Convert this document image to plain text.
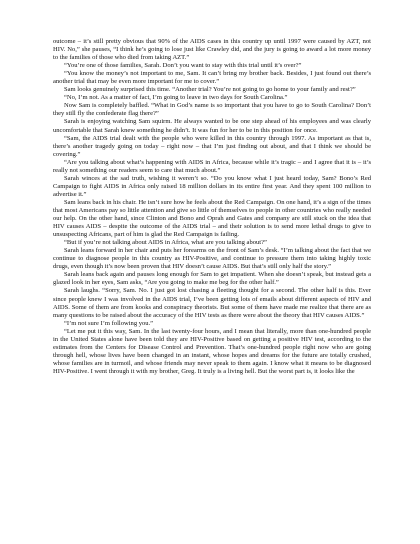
outcome – it’s still pretty obvious that 90% of the AIDS cases in this country up until 1997 were caused by AZT, not HIV. No,” she pauses, “I think he’s going to lose just like Crawley did, and the jury is going to award a lot more money to the families of those who died from taking AZT.”

“You’re one of those families, Sarah. Don’t you want to stay with this trial until it’s over?”

“You know the money’s not important to me, Sam. It can’t bring my brother back. Besides, I just found out there’s another trial that may be even more important for me to cover.”

Sam looks genuinely surprised this time. “Another trial? You’re not going to go home to your family and rest?”

“No, I’m not. As a matter of fact, I’m going to leave in two days for South Carolina.”

Now Sam is completely baffled. “What in God’s name is so important that you have to go to South Carolina? Don’t they still fly the confederate flag there?”

Sarah is enjoying watching Sam squirm. He always wanted to be one step ahead of his employees and was clearly uncomfortable that Sarah knew something he didn’t. It was fun for her to be in this position for once.

“Sam, the AIDS trial dealt with the people who were killed in this country through 1997. As important as that is, there’s another tragedy going on today – right now – that I’m just finding out about, and that I think we should be covering.”

“Are you talking about what’s happening with AIDS in Africa, because while it’s tragic – and I agree that it is – it’s really not something our readers seem to care that much about.”

Sarah winces at the sad truth, wishing it weren’t so. “Do you know what I just heard today, Sam? Bono’s Red Campaign to fight AIDS in Africa only raised 18 million dollars in its entire first year. And they spent 100 million to advertise it.”

Sam leans back in his chair. He isn’t sure how he feels about the Red Campaign. On one hand, it’s a sign of the times that most Americans pay so little attention and give so little of themselves to people in other countries who really needed our help. On the other hand, since Clinton and Bono and Oprah and Gates and company are still stuck on the idea that HIV causes AIDS – despite the outcome of the AIDS trial – and their solution is to send more lethal drugs to give to unsuspecting Africans, part of him is glad the Red Campaign is failing.

“But if you’re not talking about AIDS in Africa, what are you talking about?”

Sarah leans forward in her chair and puts her forearms on the front of Sam’s desk. “I’m talking about the fact that we continue to diagnose people in this country as HIV-Positive, and continue to pressure them into taking highly toxic drugs, even though it’s now been proven that HIV doesn’t cause AIDS. But that’s still only half the story.”

Sarah leans back again and pauses long enough for Sam to get impatient. When she doesn’t speak, but instead gets a glazed look in her eyes, Sam asks, “Are you going to make me beg for the other half.”

Sarah laughs. “Sorry, Sam. No. I just got lost chasing a fleeting thought for a second. The other half is this. Ever since people knew I was involved in the AIDS trial, I’ve been getting lots of emails about different aspects of HIV and AIDS. Some of them are from kooks and conspiracy theorists. But some of them have made me realize that there are as many questions to be raised about the accuracy of the HIV tests as there were about the theory that HIV causes AIDS.”

“I’m not sure I’m following you.”

“Let me put it this way, Sam. In the last twenty-four hours, and I mean that literally, more than one-hundred people in the United States alone have been told they are HIV-Positive based on getting a positive HIV test, according to the estimates from the Centers for Disease Control and Prevention. That’s one-hundred people right now who are going through hell, whose lives have been changed in an instant, whose hopes and dreams for the future are totally crushed, whose families are in turmoil, and whose friends may never speak to them again. I know what it means to be diagnosed HIV-Positive. I went through it with my brother, Greg. It truly is a living hell. But the worst part is, it looks like the
